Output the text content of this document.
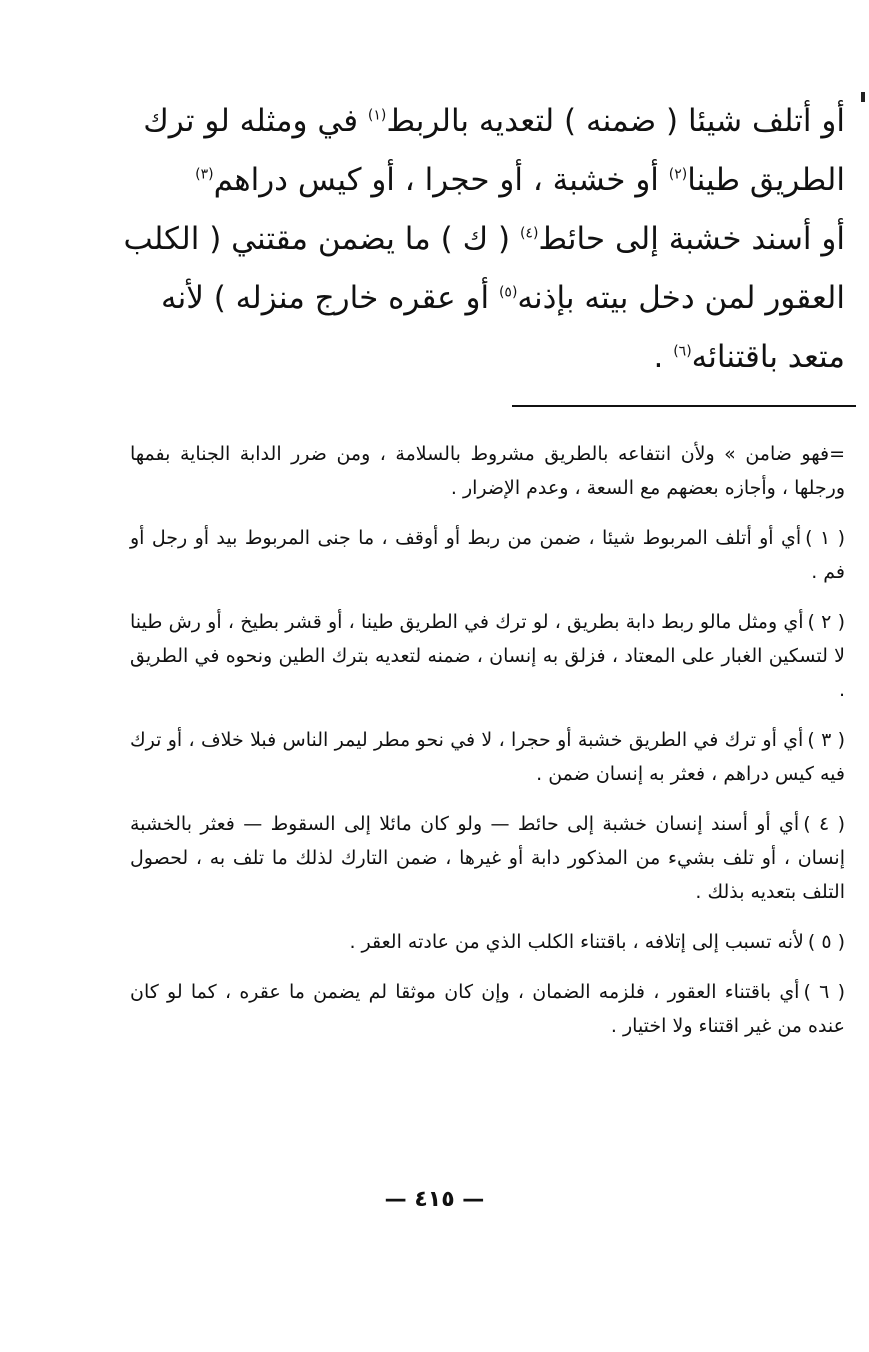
أو أتلف شيئا ( ضمنه ) لتعديه بالربط$^{(١)}$ في ومثله لو ترك
الطريق طينا$^{(٢)}$ أو خشبة ، أو حجرا ، أو كيس دراهم$^{(٣)}$
أو أسند خشبة إلى حائط$^{(٤)}$ ( ك ) ما يضمن مقتني ( الكلب
العقور لمن دخل بيته بإذنه$^{(٥)}$ أو عقره خارج منزله ) لأنه
متعد باقتنائه$^{(٦)}$ .

=فهو ضامن » ولأن انتفاعه بالطريق مشروط بالسلامة ، ومن ضرر الدابة الجناية بفمها ورجلها ، وأجازه بعضهم مع السعة ، وعدم الإضرار .

( ١ )أي أو أتلف المربوط شيئا ، ضمن من ربط أو أوقف ، ما جنى المربوط بيد أو رجل أو فم .

( ٢ )أي ومثل مالو ربط دابة بطريق ، لو ترك في الطريق طينا ، أو قشر بطيخ ، أو رش طينا لا لتسكين الغبار على المعتاد ، فزلق به إنسان ، ضمنه لتعديه بترك الطين ونحوه في الطريق .

( ٣ )أي أو ترك في الطريق خشبة أو حجرا ، لا في نحو مطر ليمر الناس فبلا خلاف ، أو ترك فيه كيس دراهم ، فعثر به إنسان ضمن .

( ٤ )أي أو أسند إنسان خشبة إلى حائط — ولو كان مائلا إلى السقوط — فعثر بالخشبة إنسان ، أو تلف بشيء من المذكور دابة أو غيرها ، ضمن التارك لذلك ما تلف به ، لحصول التلف بتعديه بذلك .

( ٥ )لأنه تسبب إلى إتلافه ، باقتناء الكلب الذي من عادته العقر .

( ٦ )أي باقتناء العقور ، فلزمه الضمان ، وإن كان موثقا لم يضمن ما عقره ، كما لو كان عنده من غير اقتناء ولا اختيار .

— ٤١٥ —
